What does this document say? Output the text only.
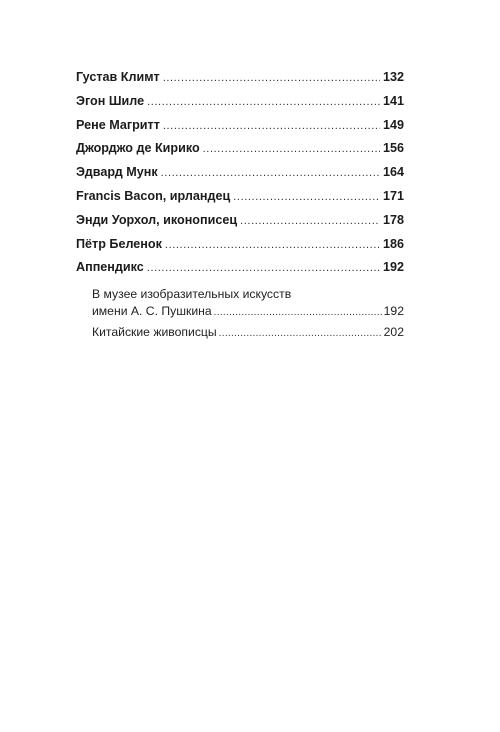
Густав Климт .....	132
Эгон Шиле .....	141
Рене Магритт .....	149
Джорджо де Кирико .....	156
Эдвард Мунк .....	164
Francis Bacon, ирландец .....	171
Энди Уорхол, иконописец .....	178
Пётр Беленок .....	186
Аппендикс .....	192
В музее изобразительных искусств
имени А. С. Пушкина .....	192
Китайские живописцы .....	202
